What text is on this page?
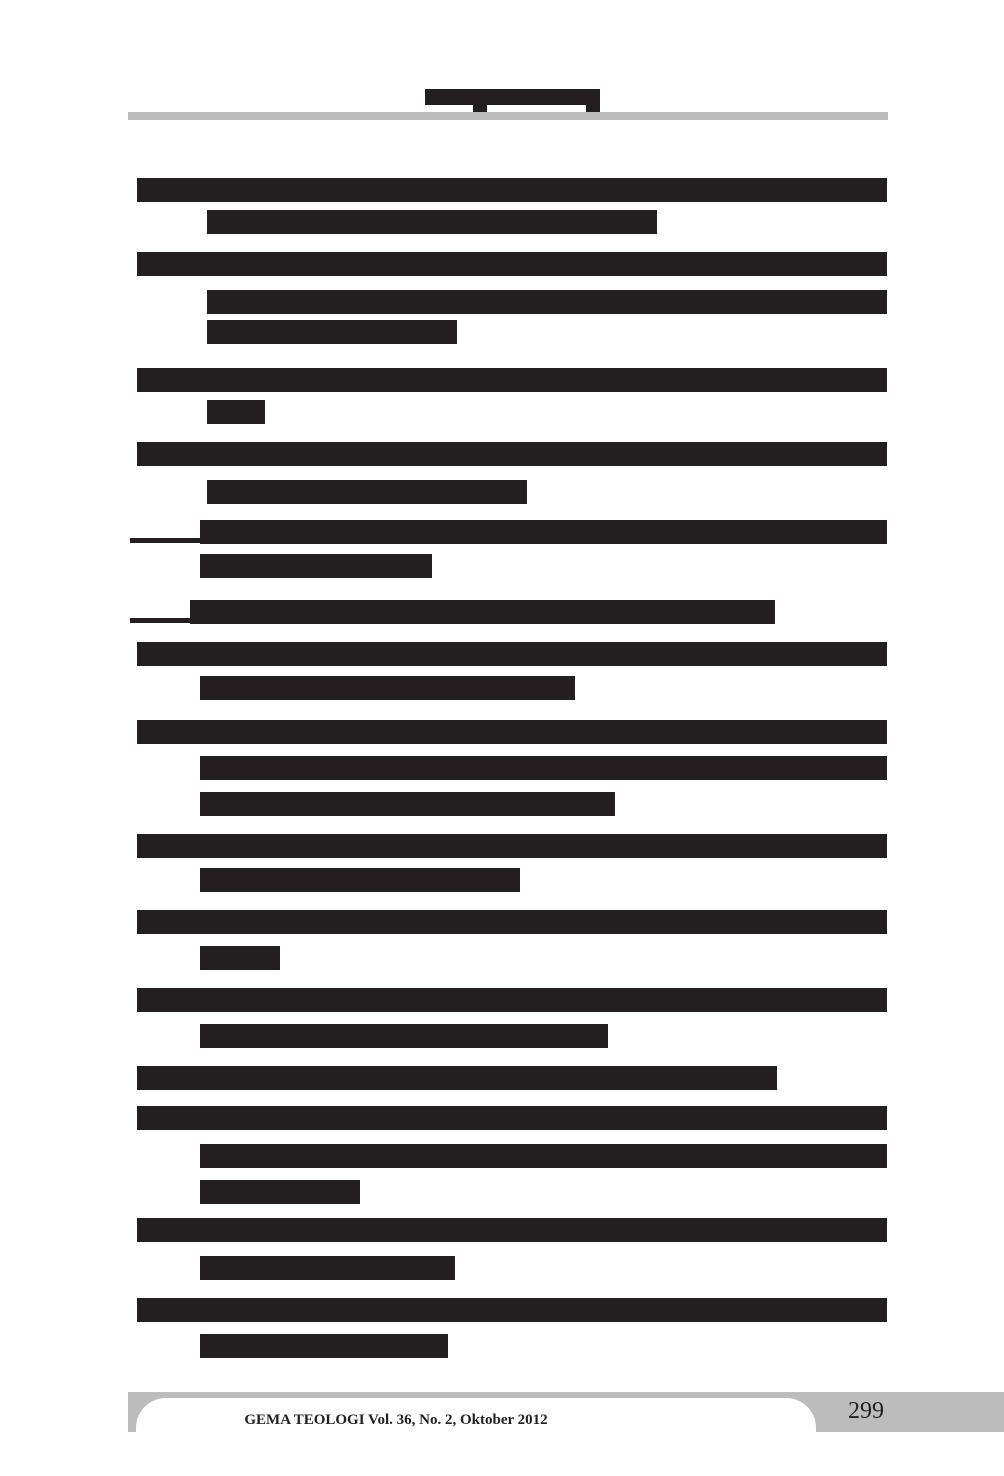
GEMA TEOLOGI Vol. 36, No. 2, Oktober 2012	299
